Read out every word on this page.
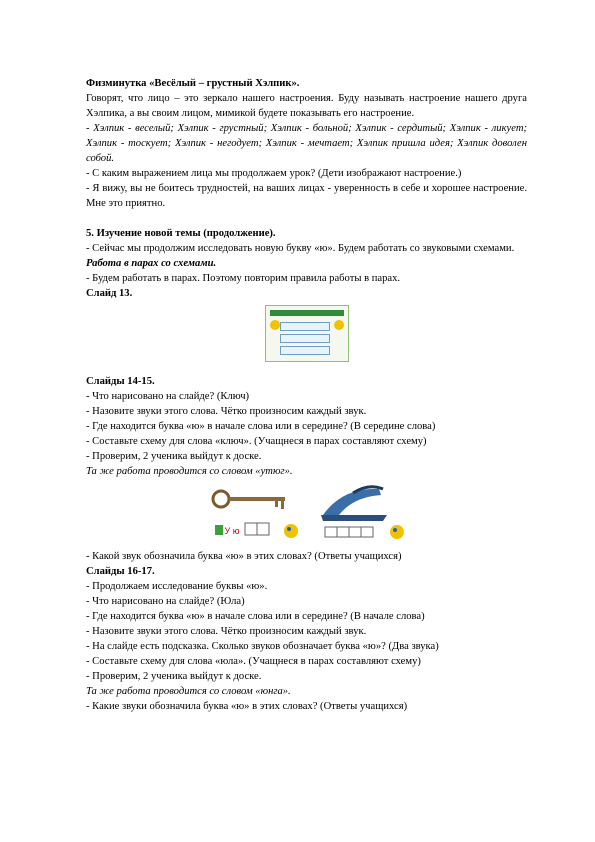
Физминутка «Весёлый – грустный Хэлпик».

Говорят, что лицо – это зеркало нашего настроения. Буду называть настроение нашего друга Хэлпика, а вы своим лицом, мимикой будете показывать его настроение.

- Хэлпик - веселый; Хэлпик - грустный; Хэлпик - больной; Хэлпик - сердитый; Хэлпик - ликует; Хэлпик - тоскует; Хэлпик - негодует; Хэлпик - мечтает; Хэлпик пришла идея; Хэлпик доволен собой.

- С каким выражением лица мы продолжаем урок? (Дети изображают настроение.)

- Я вижу, вы не боитесь трудностей, на ваших лицах - уверенность в себе и хорошее настроение. Мне это приятно.

5. Изучение новой темы (продолжение).

- Сейчас мы продолжим исследовать новую букву «ю». Будем работать со звуковыми схемами.

Работа в парах со схемами.

- Будем работать в парах. Поэтому повторим правила работы в парах.

Слайд 13.

Слайды 14-15.

- Что нарисовано на слайде? (Ключ)

- Назовите звуки этого слова. Чётко произносим каждый звук.

- Где находится буква «ю» в начале слова или в середине? (В середине слова)

- Составьте схему для слова «ключ». (Учащнеся в парах составляют схему)

- Проверим, 2 ученика выйдут к доске.

Та же работа проводится со словом «утюг».

У ю

- Какой звук обозначила буква «ю» в этих словах? (Ответы учащихся)

Слайды 16-17.

- Продолжаем исследование буквы «ю».

- Что нарисовано на слайде? (Юла)

- Где находится буква «ю» в начале слова или в середине? (В начале слова)

- Назовите звуки этого слова. Чётко произносим каждый звук.

- На слайде есть подсказка. Сколько звуков обозначает буква «ю»? (Два звука)

- Составьте схему для слова «юла». (Учащнеся в парах составляют схему)

- Проверим, 2 ученика выйдут к доске.

Та же работа проводится со словом «юнга».

- Какие звуки обозначила буква «ю» в этих словах? (Ответы учащихся)
